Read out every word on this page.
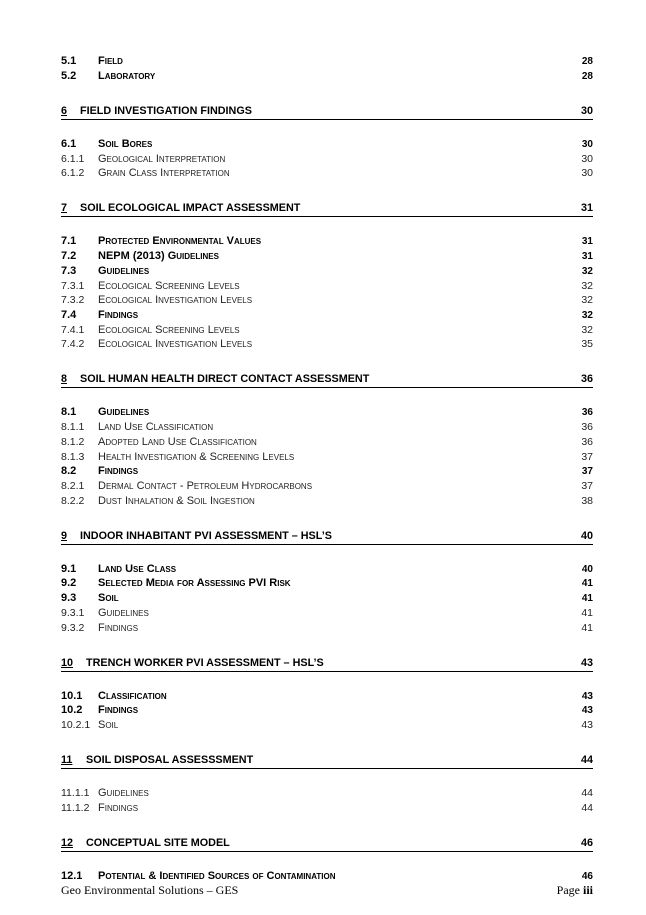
5.1	Field	28
5.2	Laboratory	28
6	FIELD INVESTIGATION FINDINGS	30
6.1	Soil Bores	30
6.1.1	Geological Interpretation	30
6.1.2	Grain Class Interpretation	30
7	SOIL ECOLOGICAL IMPACT ASSESSMENT	31
7.1	Protected Environmental Values	31
7.2	NEPM (2013) Guidelines	31
7.3	Guidelines	32
7.3.1	Ecological Screening Levels	32
7.3.2	Ecological Investigation Levels	32
7.4	Findings	32
7.4.1	Ecological Screening Levels	32
7.4.2	Ecological Investigation Levels	35
8	SOIL HUMAN HEALTH DIRECT CONTACT ASSESSMENT	36
8.1	Guidelines	36
8.1.1	Land Use Classification	36
8.1.2	Adopted Land Use Classification	36
8.1.3	Health Investigation & Screening Levels	37
8.2	Findings	37
8.2.1	Dermal Contact - Petroleum Hydrocarbons	37
8.2.2	Dust Inhalation & Soil Ingestion	38
9	INDOOR INHABITANT PVI ASSESSMENT – HSL’S	40
9.1	Land Use Class	40
9.2	Selected Media for Assessing PVI Risk	41
9.3	Soil	41
9.3.1	Guidelines	41
9.3.2	Findings	41
10	TRENCH WORKER PVI ASSESSMENT – HSL’S	43
10.1	Classification	43
10.2	Findings	43
10.2.1 Soil	43
11	SOIL DISPOSAL ASSESSSMENT	44
11.1.1 Guidelines	44
11.1.2 Findings	44
12	CONCEPTUAL SITE MODEL	46
12.1	Potential & Identified Sources of Contamination	46
Geo Environmental Solutions – GES	Page iii
